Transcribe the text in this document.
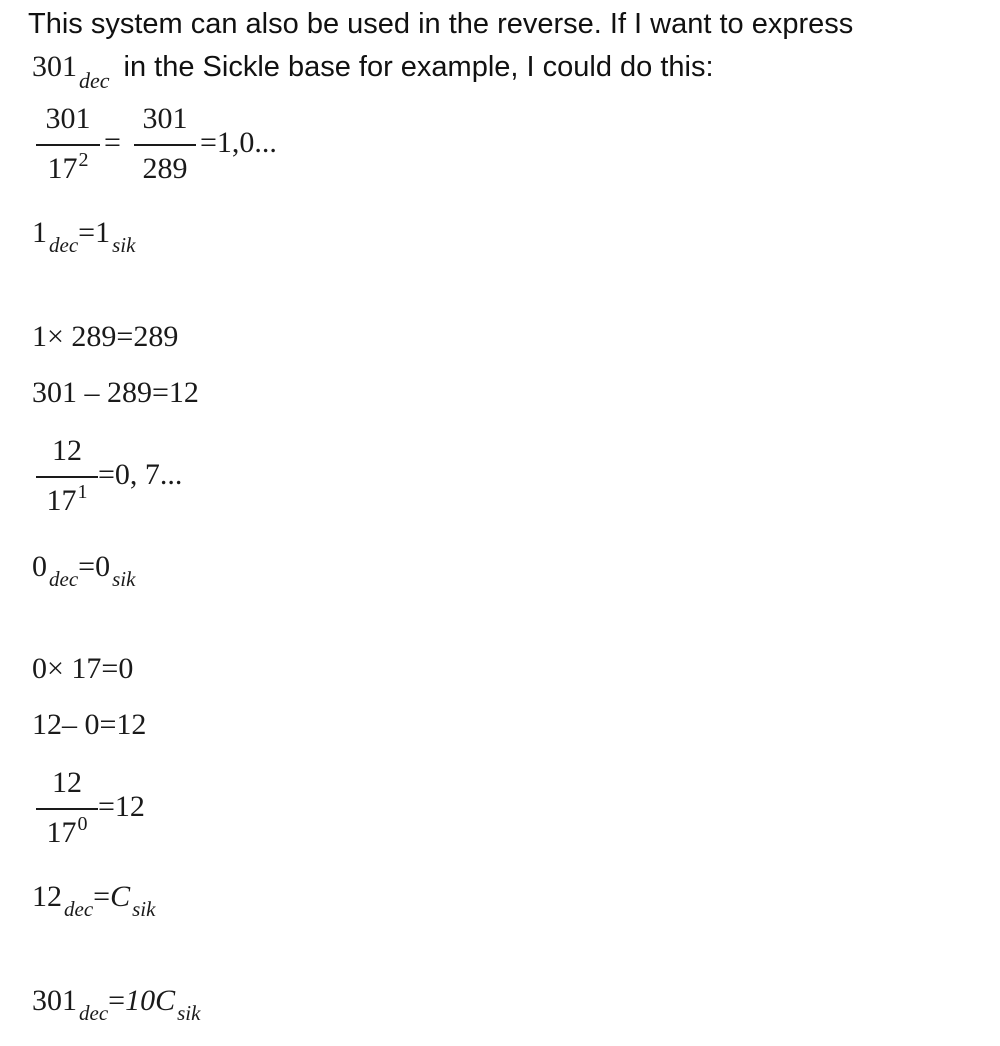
This system can also be used in the reverse. If I want to express
301dec in the Sickle base for example, I could do this:
301
$17^2$
=
301
289
=1,0...
$1_{dec}=1_{sik}$
1× 289=289
301 – 289=12
12
$17^1$
=0, 7...
$0_{dec}=0_{sik}$
0× 17=0
12– 0=12
12
$17^0$
=12
$12_{dec}=C_{sik}$
$301_{dec}=10C_{sik}$
